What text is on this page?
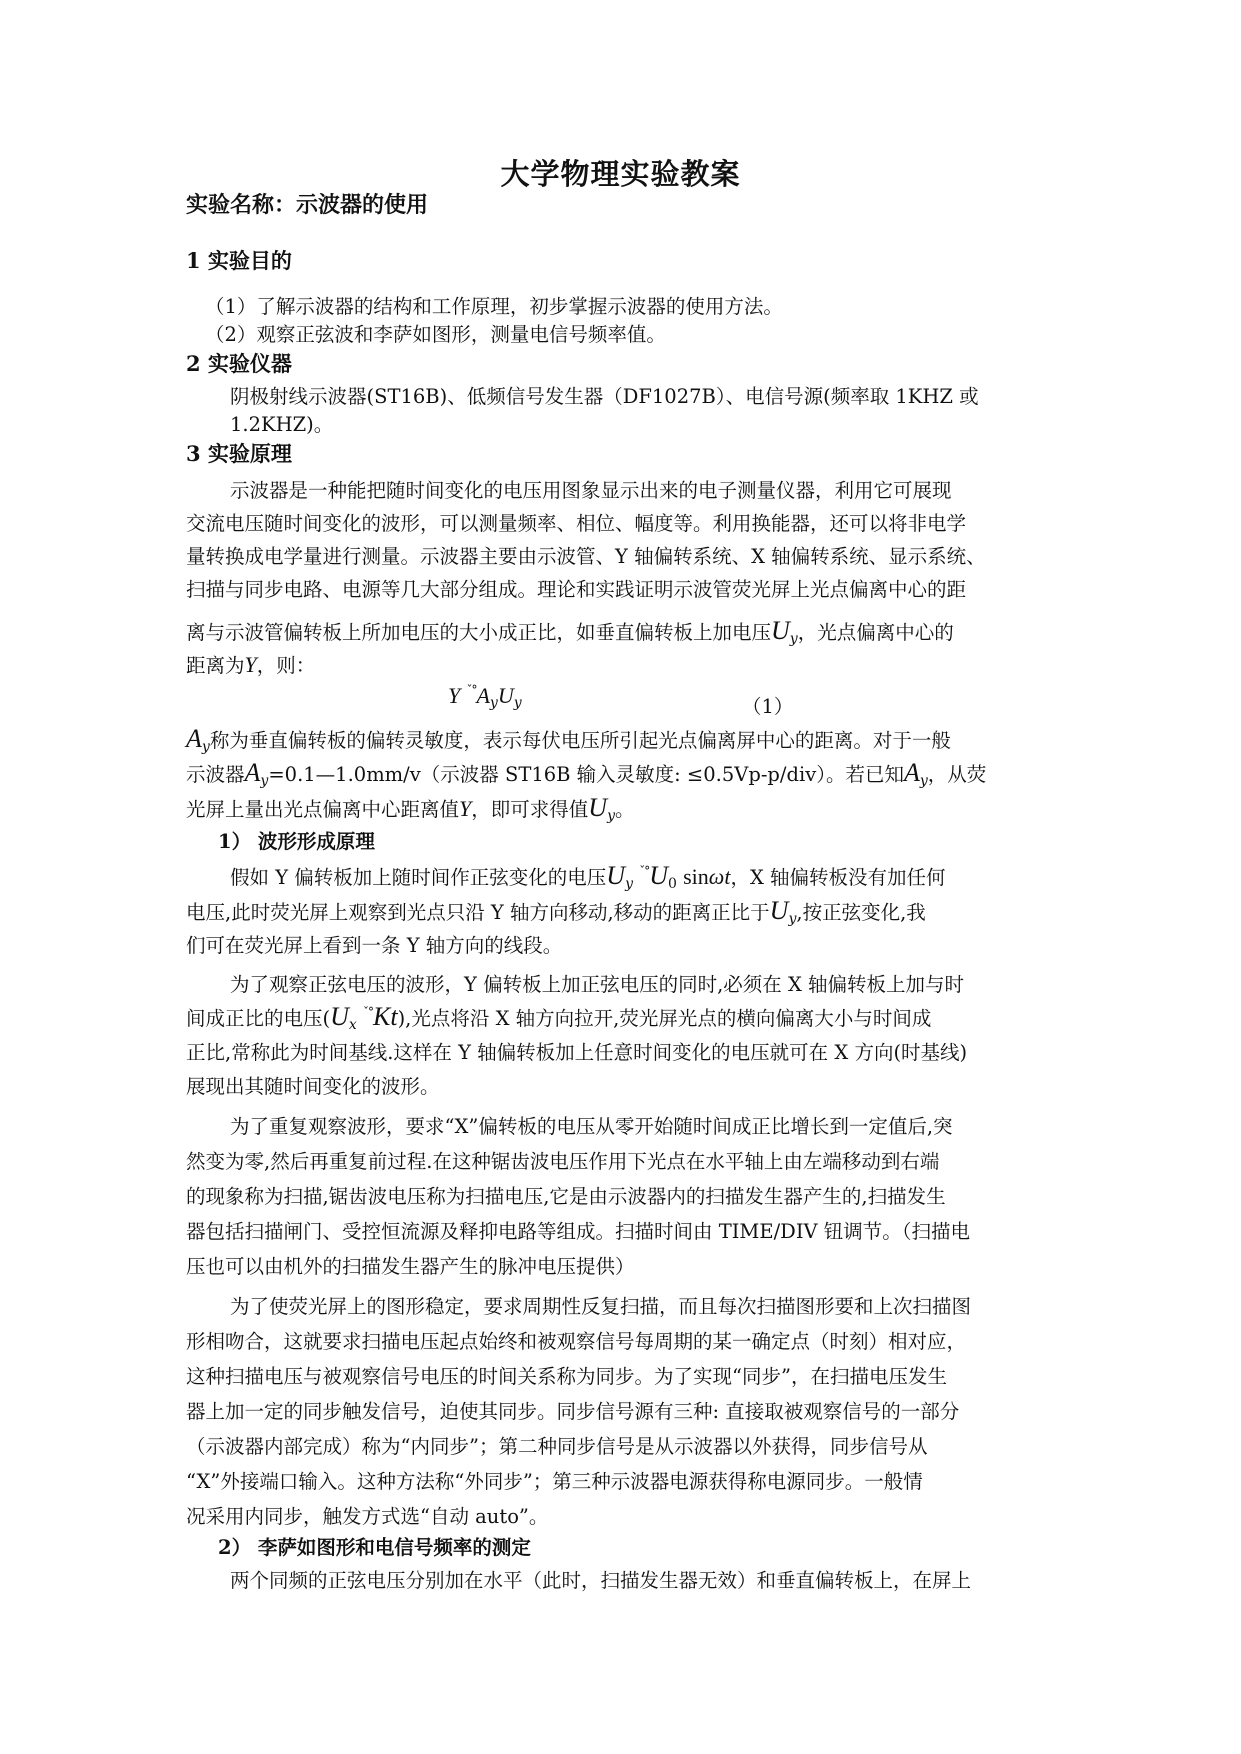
大学物理实验教案
实验名称：示波器的使用
1 实验目的
（1）了解示波器的结构和工作原理，初步掌握示波器的使用方法。
（2）观察正弦波和李萨如图形，测量电信号频率值。
2 实验仪器
阴极射线示波器(ST16B)、低频信号发生器（DF1027B）、电信号源(频率取 1KHZ 或
1.2KHZ)。
3 实验原理
示波器是一种能把随时间变化的电压用图象显示出来的电子测量仪器，利用它可展现
交流电压随时间变化的波形，可以测量频率、相位、幅度等。利用换能器，还可以将非电学
量转换成电学量进行测量。示波器主要由示波管、Y 轴偏转系统、X 轴偏转系统、显示系统、
扫描与同步电路、电源等几大部分组成。理论和实践证明示波管荧光屏上光点偏离中心的距
离与示波管偏转板上所加电压的大小成正比，如垂直偏转板上加电压$U_y$，光点偏离中心的
距离为Y，则：
Y $^{ˇ^\circ}A_yU_y$	（1）
$A_y$称为垂直偏转板的偏转灵敏度，表示每伏电压所引起光点偏离屏中心的距离。对于一般
示波器$A_y=0.1—1.0mm/v$（示波器 ST16B 输入灵敏度: ≤0.5Vp-p/div）。若已知$A_y$，从荧
光屏上量出光点偏离中心距离值Y，即可求得值$U_y$。
1） 波形形成原理
假如 Y 偏转板加上随时间作正弦变化的电压$U_y$ $^{ˇ^\circ}U_0$ sinωt，X 轴偏转板没有加任何
电压,此时荧光屏上观察到光点只沿 Y 轴方向移动,移动的距离正比于$U_y$,按正弦变化,我
们可在荧光屏上看到一条 Y 轴方向的线段。
为了观察正弦电压的波形，Y 偏转板上加正弦电压的同时,必须在 X 轴偏转板上加与时
间成正比的电压($U_x$ $^{ˇ^\circ}$Kt),光点将沿 X 轴方向拉开,荧光屏光点的横向偏离大小与时间成
正比,常称此为时间基线.这样在 Y 轴偏转板加上任意时间变化的电压就可在 X 方向(时基线)
展现出其随时间变化的波形。
为了重复观察波形，要求“X”偏转板的电压从零开始随时间成正比增长到一定值后,突
然变为零,然后再重复前过程.在这种锯齿波电压作用下光点在水平轴上由左端移动到右端
的现象称为扫描,锯齿波电压称为扫描电压,它是由示波器内的扫描发生器产生的,扫描发生
器包括扫描闸门、受控恒流源及释抑电路等组成。扫描时间由 TIME/DIV 钮调节。（扫描电
压也可以由机外的扫描发生器产生的脉冲电压提供）
为了使荧光屏上的图形稳定，要求周期性反复扫描，而且每次扫描图形要和上次扫描图
形相吻合，这就要求扫描电压起点始终和被观察信号每周期的某一确定点（时刻）相对应，
这种扫描电压与被观察信号电压的时间关系称为同步。为了实现“同步”，在扫描电压发生
器上加一定的同步触发信号，迫使其同步。同步信号源有三种: 直接取被观察信号的一部分
（示波器内部完成）称为“内同步”；第二种同步信号是从示波器以外获得，同步信号从
“X”外接端口输入。这种方法称“外同步”；第三种示波器电源获得称电源同步。一般情
况采用内同步，触发方式选“自动 auto”。
2） 李萨如图形和电信号频率的测定
两个同频的正弦电压分别加在水平（此时，扫描发生器无效）和垂直偏转板上，在屏上
